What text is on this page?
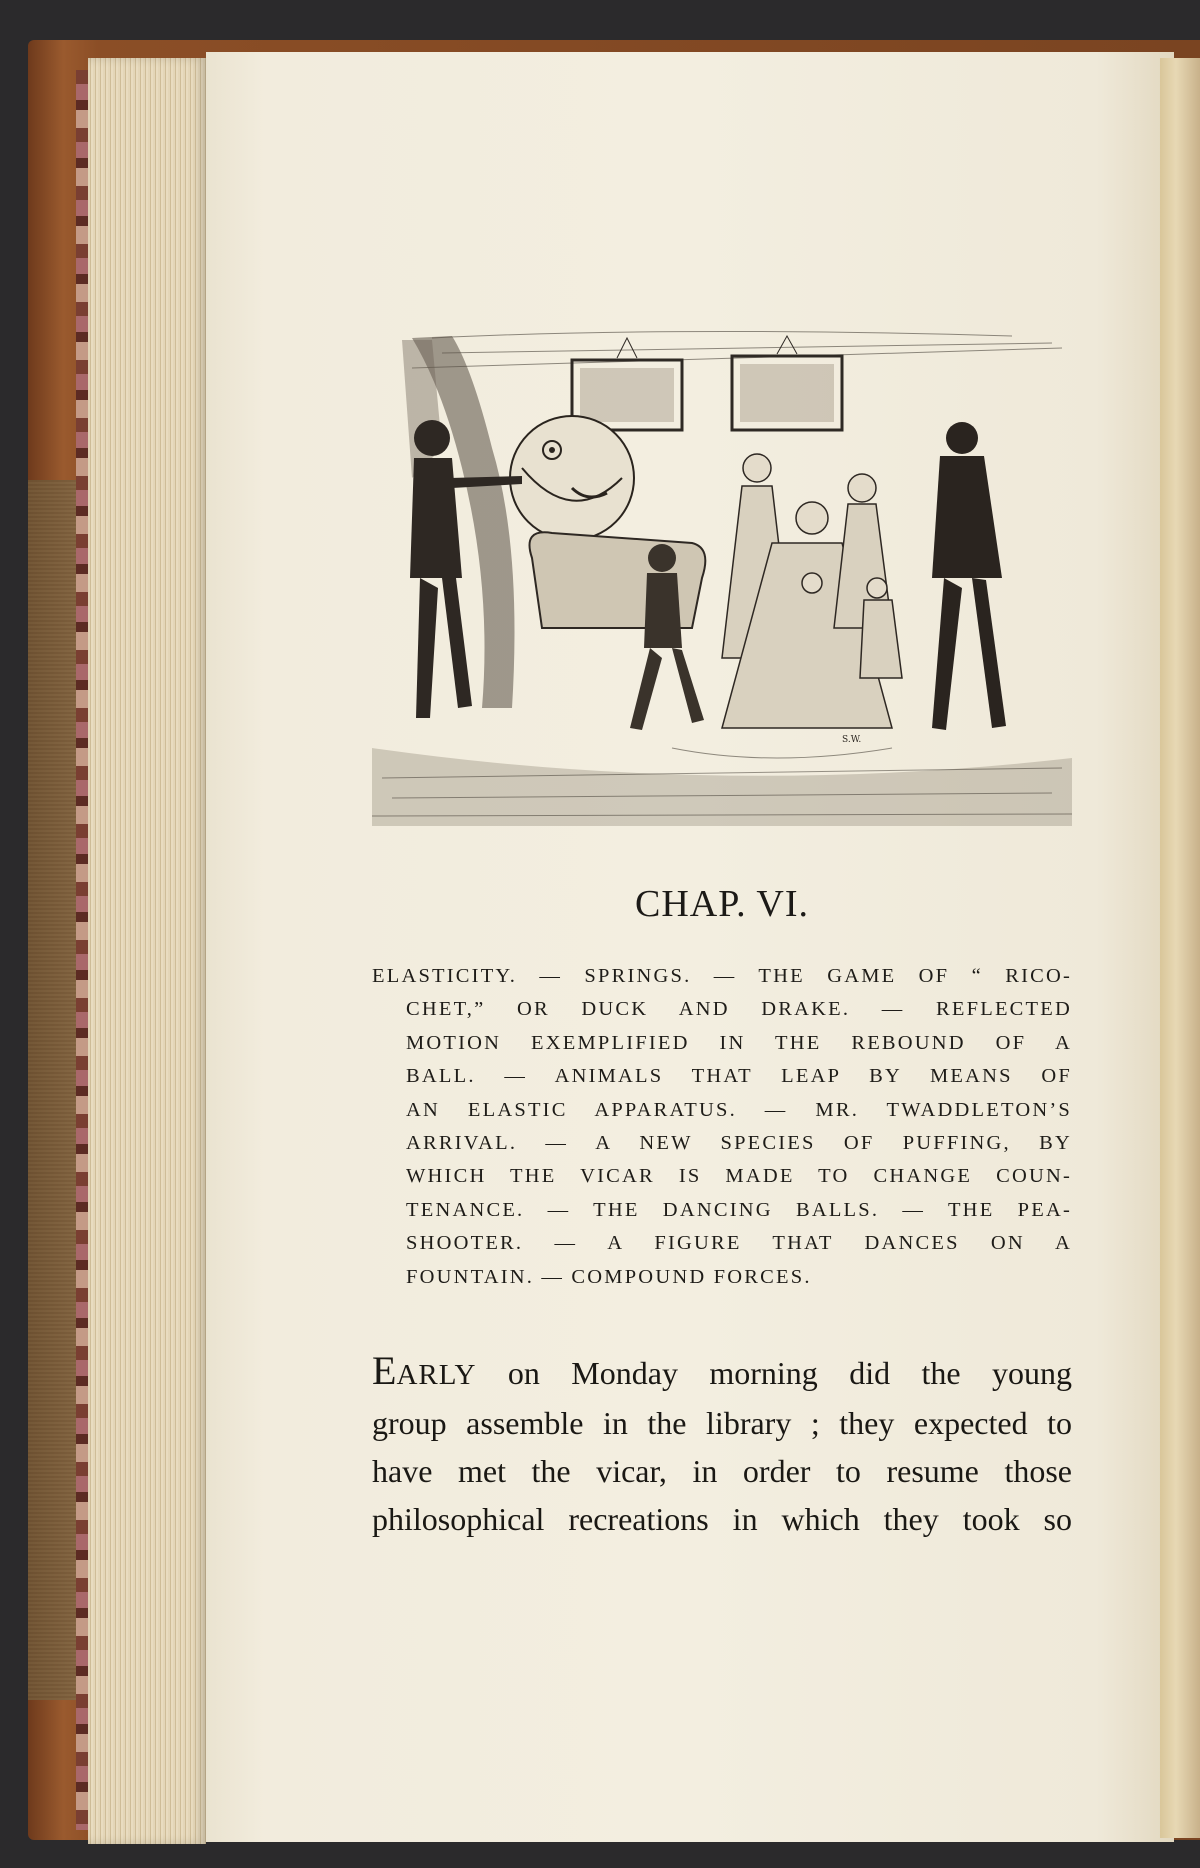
S.W.
CHAP. VI.
ELASTICITY. — SPRINGS. — THE GAME OF “ RICO-
CHET,” OR DUCK AND DRAKE. — REFLECTED
MOTION EXEMPLIFIED IN THE REBOUND OF A
BALL. — ANIMALS THAT LEAP BY MEANS OF
AN ELASTIC APPARATUS. — MR. TWADDLETON’S
ARRIVAL. — A NEW SPECIES OF PUFFING, BY
WHICH THE VICAR IS MADE TO CHANGE COUN-
TENANCE. — THE DANCING BALLS. — THE PEA-
SHOOTER. — A FIGURE THAT DANCES ON A
FOUNTAIN. — COMPOUND FORCES.
EARLY on Monday morning did the young
group assemble in the library ; they expected to
have met the vicar, in order to resume those
philosophical recreations in which they took so
